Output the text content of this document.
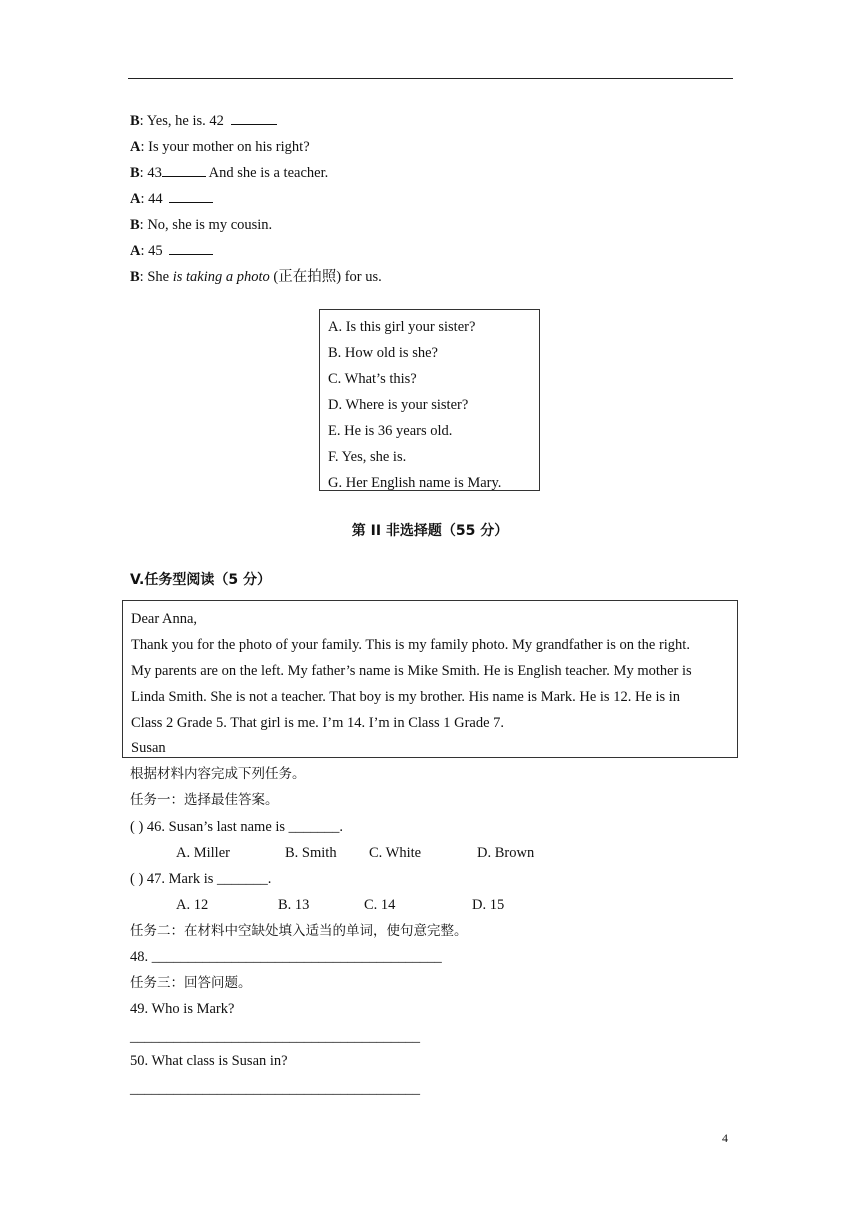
B: Yes, he is. 42
A: Is your mother on his right?
B: 43	And she is a teacher.
A: 44
B: No, she is my cousin.
A: 45
B: She is taking a photo (正在拍照) for us.
A. Is this girl your sister?
B. How old is she?
C. What’s this?
D. Where is your sister?
E. He is 36 years old.
F. Yes, she is.
G. Her English name is Mary.
第 II 非选择题（55 分）
V.任务型阅读（5 分）
Dear Anna,
Thank you for the photo of your family. This is my family photo. My grandfather is on the right.
My parents are on the left. My father’s name is Mike Smith. He is English teacher. My mother is
Linda Smith. She is not a teacher. That boy is my brother. His name is Mark. He is 12. He is in
Class 2 Grade 5. That girl is me. I’m 14. I’m in Class 1 Grade 7.
Susan
根据材料内容完成下列任务。
任务一：选择最佳答案。
( ) 46. Susan’s last name is _______.
A. Miller	B. Smith C. White	D. Brown
( ) 47. Mark is _______.
A. 12	B. 13	C. 14	D. 15
任务二：在材料中空缺处填入适当的单词，使句意完整。
48. ________________________________________
任务三：回答问题。
49. Who is Mark?
________________________________________
50. What class is Susan in?
________________________________________
4
